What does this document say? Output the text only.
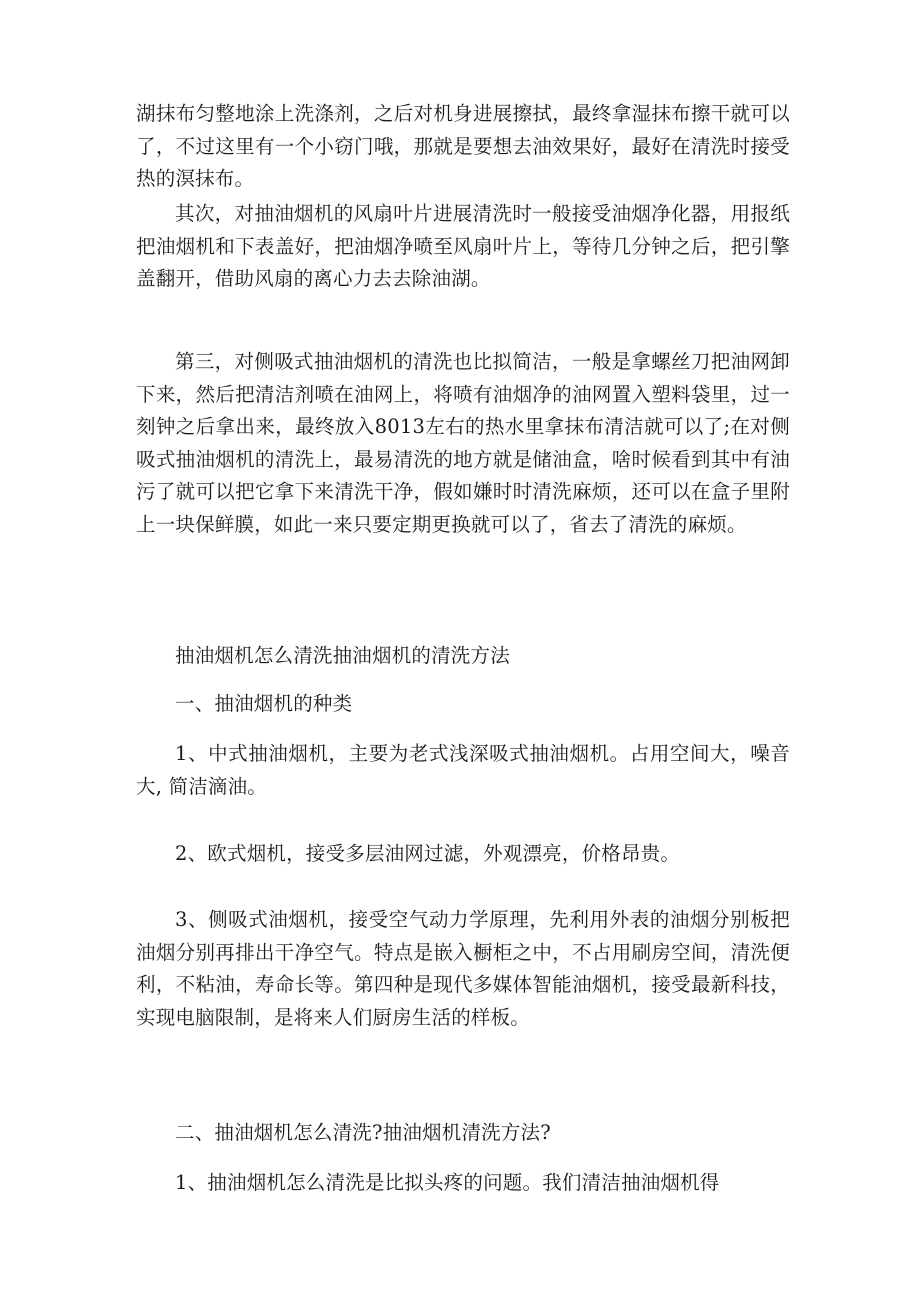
湖抹布匀整地涂上洗涤剂，之后对机身进展擦拭，最终拿湿抹布擦干就可以了，不过这里有一个小窃门哦，那就是要想去油效果好，最好在清洗时接受热的溟抹布。

其次，对抽油烟机的风扇叶片进展清洗时一般接受油烟净化器，用报纸把油烟机和下表盖好，把油烟净喷至风扇叶片上，等待几分钟之后，把引擎盖翻开，借助风扇的离心力去去除油湖。

第三，对侧吸式抽油烟机的清洗也比拟简洁，一般是拿螺丝刀把油网卸下来，然后把清洁剂喷在油网上，将喷有油烟净的油网置入塑料袋里，过一刻钟之后拿出来，最终放入8013左右的热水里拿抹布清洁就可以了;在对侧吸式抽油烟机的清洗上，最易清洗的地方就是储油盒，啥时候看到其中有油污了就可以把它拿下来清洗干净，假如嫌时时清洗麻烦，还可以在盒子里附上一块保鲜膜，如此一来只要定期更换就可以了，省去了清洗的麻烦。

抽油烟机怎么清洗抽油烟机的清洗方法

一、抽油烟机的种类

1、中式抽油烟机，主要为老式浅深吸式抽油烟机。占用空间大，噪音大, 简洁滴油。

2、欧式烟机，接受多层油网过滤，外观漂亮，价格昂贵。

3、侧吸式油烟机，接受空气动力学原理，先利用外表的油烟分别板把油烟分别再排出干净空气。特点是嵌入橱柜之中，不占用刷房空间，清洗便利，不粘油，寿命长等。第四种是现代多媒体智能油烟机，接受最新科技，实现电脑限制，是将来人们厨房生活的样板。

二、抽油烟机怎么清洗?抽油烟机清洗方法?

1、抽油烟机怎么清洗是比拟头疼的问题。我们清洁抽油烟机得
